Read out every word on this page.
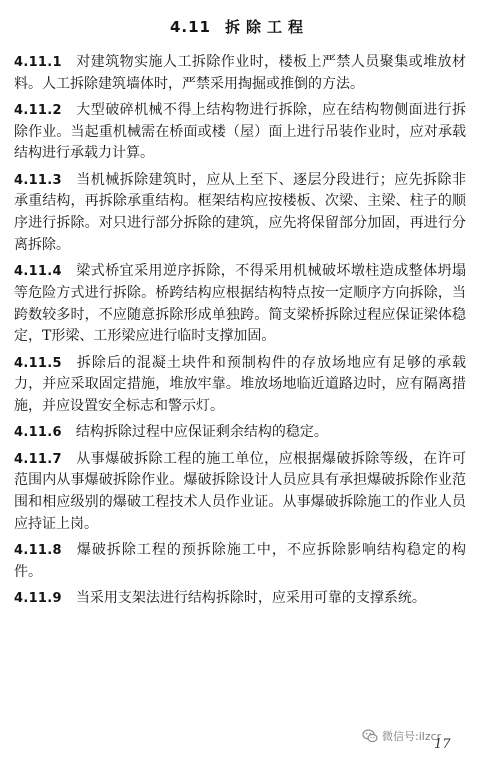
4.11 拆除工程

4.11.1 对建筑物实施人工拆除作业时，楼板上严禁人员聚集或堆放材料。人工拆除建筑墙体时，严禁采用掏掘或推倒的方法。

4.11.2 大型破碎机械不得上结构物进行拆除，应在结构物侧面进行拆除作业。当起重机械需在桥面或楼（屋）面上进行吊装作业时，应对承载结构进行承载力计算。

4.11.3 当机械拆除建筑时，应从上至下、逐层分段进行；应先拆除非承重结构，再拆除承重结构。框架结构应按楼板、次梁、主梁、柱子的顺序进行拆除。对只进行部分拆除的建筑，应先将保留部分加固，再进行分离拆除。

4.11.4 梁式桥宜采用逆序拆除，不得采用机械破坏墩柱造成整体坍塌等危险方式进行拆除。桥跨结构应根据结构特点按一定顺序方向拆除，当跨数较多时，不应随意拆除形成单独跨。简支梁桥拆除过程应保证梁体稳定，T形梁、工形梁应进行临时支撑加固。

4.11.5 拆除后的混凝土块件和预制构件的存放场地应有足够的承载力，并应采取固定措施，堆放牢靠。堆放场地临近道路边时，应有隔离措施，并应设置安全标志和警示灯。

4.11.6 结构拆除过程中应保证剩余结构的稳定。

4.11.7 从事爆破拆除工程的施工单位，应根据爆破拆除等级，在许可范围内从事爆破拆除作业。爆破拆除设计人员应具有承担爆破拆除作业范围和相应级别的爆破工程技术人员作业证。从事爆破拆除施工的作业人员应持证上岗。

4.11.8 爆破拆除工程的预拆除施工中，不应拆除影响结构稳定的构件。

4.11.9 当采用支架法进行结构拆除时，应采用可靠的支撑系统。

微信号:ilzcr
17
